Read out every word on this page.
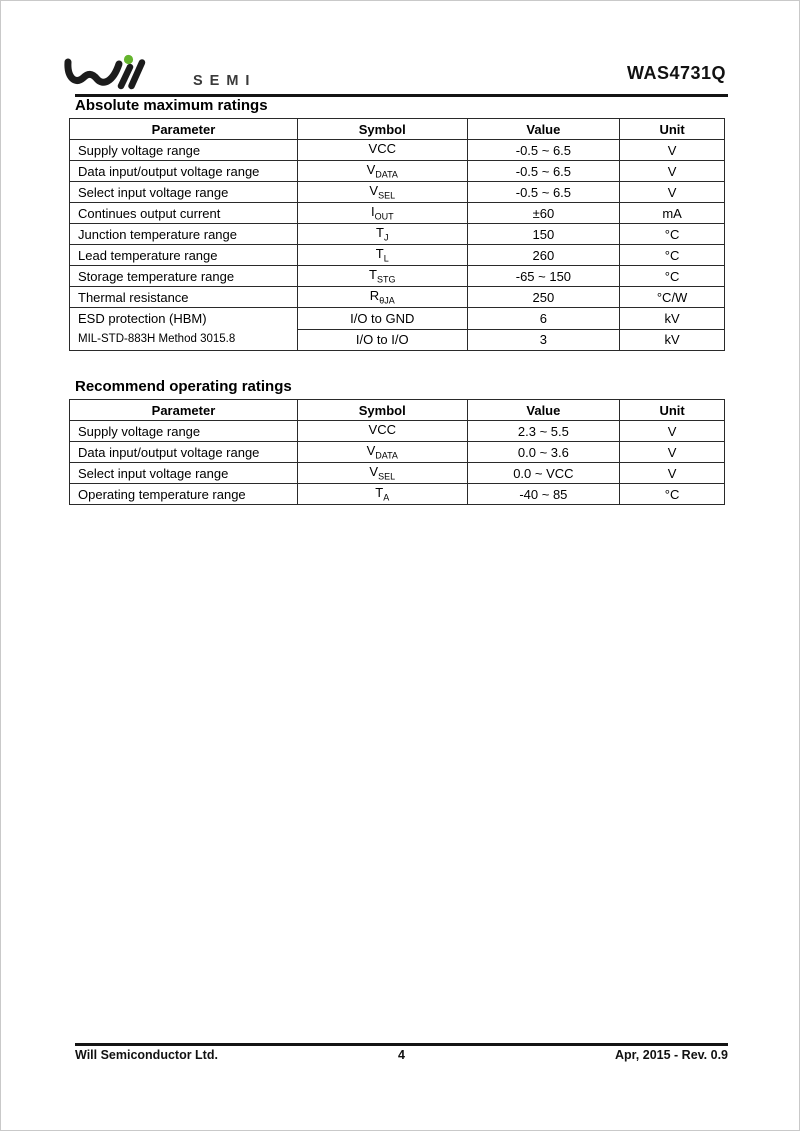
SEMI	WAS4731Q
Absolute maximum ratings
Parameter	Symbol	Value	Unit
Supply voltage range	VCC	-0.5 ~ 6.5	V
Data input/output voltage range	$V_{DATA}$	-0.5 ~ 6.5	V
Select input voltage range	$V_{SEL}$	-0.5 ~ 6.5	V
Continues output current	$I_{OUT}$	±60	mA
Junction temperature range	$T_J$	150	°C
Lead temperature range	$T_L$	260	°C
Storage temperature range	$T_{STG}$	-65 ~ 150	°C
Thermal resistance	$R_{\theta JA}$	250	°C/W

ESD protection (HBM)
MIL-STD-883H Method 3015.8	I/O to GND	6	kV
	I/O to I/O	3	kV
Recommend operating ratings
Parameter	Symbol	Value	Unit
Supply voltage range	VCC	2.3 ~ 5.5	V
Data input/output voltage range	$V_{DATA}$	0.0 ~ 3.6	V
Select input voltage range	$V_{SEL}$	0.0 ~ VCC	V
Operating temperature range	$T_A$	-40 ~ 85	°C
Will Semiconductor Ltd.	4	Apr, 2015 - Rev. 0.9
